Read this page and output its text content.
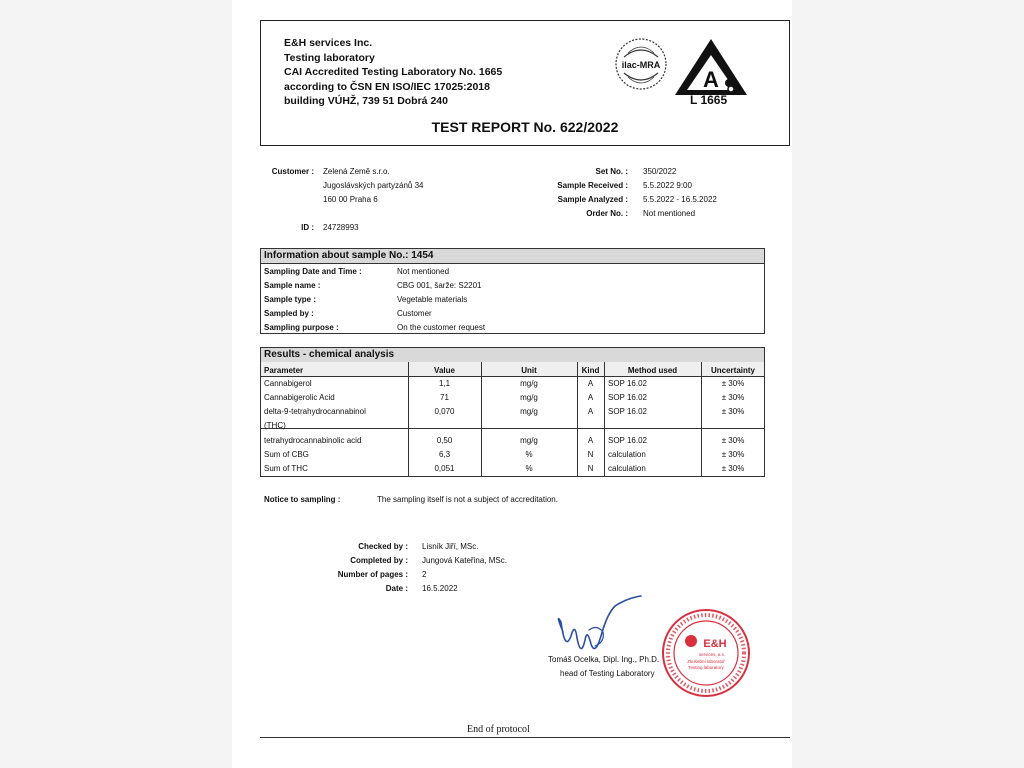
E&H services Inc.
Testing laboratory
CAI Accredited Testing Laboratory No. 1665
according to ČSN EN ISO/IEC 17025:2018
building VÚHŽ, 739 51 Dobrá 240
ilac-MRA
A
L 1665
TEST REPORT No. 622/2022
Customer : Zelená Země s.r.o.
Jugoslávských partyzánů 34
160 00 Praha 6
ID : 24728993
Set No. : 350/2022
Sample Received : 5.5.2022 9:00
Sample Analyzed : 5.5.2022 - 16.5.2022
Order No. : Not mentioned
Information about sample No.: 1454
Sampling Date and Time :	Not mentioned
Sample name :	CBG 001, šarže: S2201
Sample type :	Vegetable materials
Sampled by :	Customer
Sampling purpose :	On the customer request
Results - chemical analysis
Parameter	Value	Unit	Kind	Method used	Uncertainty
Cannabigerol	1,1	mg/g	A	SOP 16.02	± 30%
Cannabigerolic Acid	71	mg/g	A	SOP 16.02	± 30%
delta-9-tetrahydrocannabinol
(THC)
0,070	mg/g	A	SOP 16.02	± 30%
tetrahydrocannabinolic acid	0,50	mg/g	A	SOP 16.02	± 30%
Sum of CBG	6,3	%	N	calculation	± 30%
Sum of THC	0,051	%	N	calculation	± 30%
Notice to sampling :	The sampling itself is not a subject of accreditation.
Checked by : Lisník Jiří, MSc.
Completed by : Jungová Kateřina, MSc.
Number of pages : 2
Date : 16.5.2022
E&H
services, a.s.
Zkušební laboratoř
Testing laboratory
Tomáš Ocelka, Dipl. Ing., Ph.D.
head of Testing Laboratory
End of protocol
